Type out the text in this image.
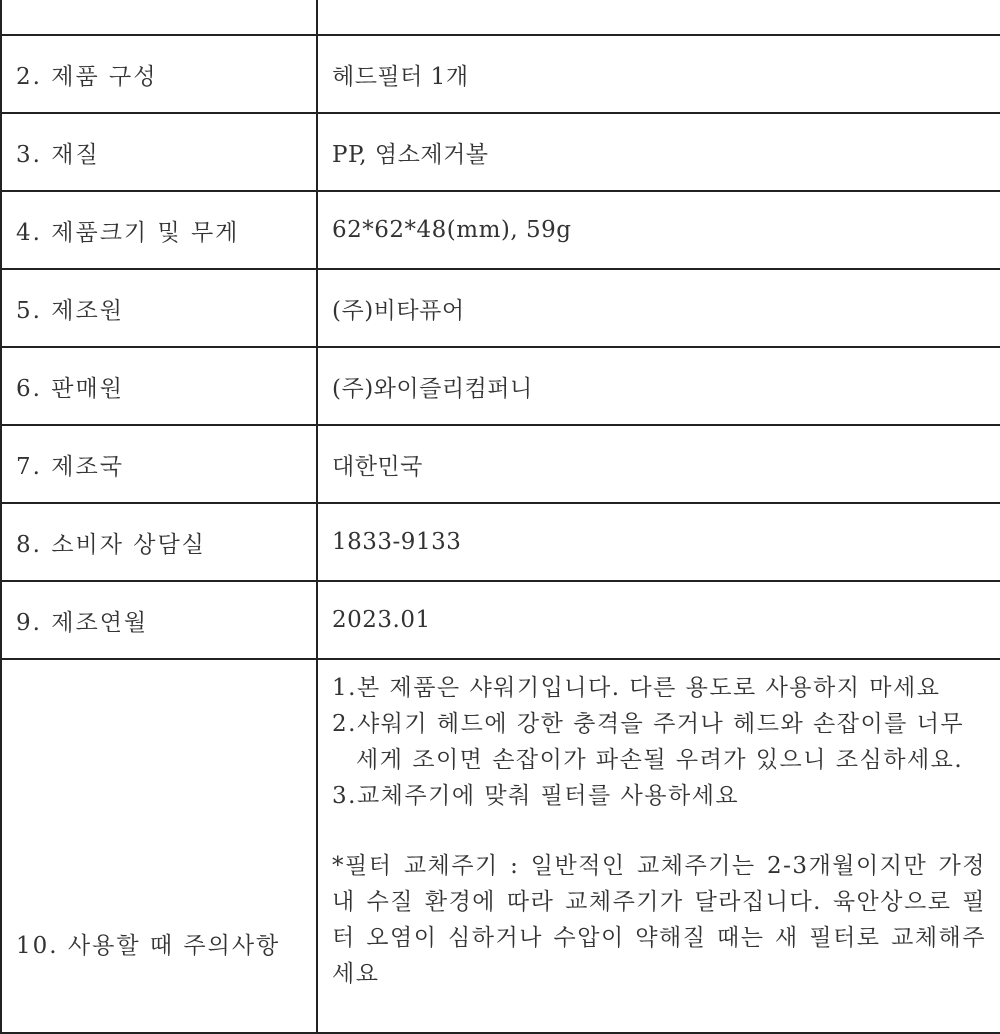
2. 제품 구성	헤드필터 1개
3. 재질	PP, 염소제거볼
4. 제품크기 및 무게	62*62*48(mm), 59g
5. 제조원	(주)비타퓨어
6. 판매원	(주)와이즐리컴퍼니
7. 제조국	대한민국
8. 소비자 상담실	1833-9133
9. 제조연월	2023.01
10. 사용할 때 주의사항	1.본 제품은 샤워기입니다. 다른 용도로 사용하지 마세요
2.샤워기 헤드에 강한 충격을 주거나 헤드와 손잡이를 너무 세게 조이면 손잡이가 파손될 우려가 있으니 조심하세요.
3.교체주기에 맞춰 필터를 사용하세요
*필터 교체주기 : 일반적인 교체주기는 2-3개월이지만 가정 내 수질 환경에 따라 교체주기가 달라집니다. 육안상으로 필터 오염이 심하거나 수압이 약해질 때는 새 필터로 교체해주세요
